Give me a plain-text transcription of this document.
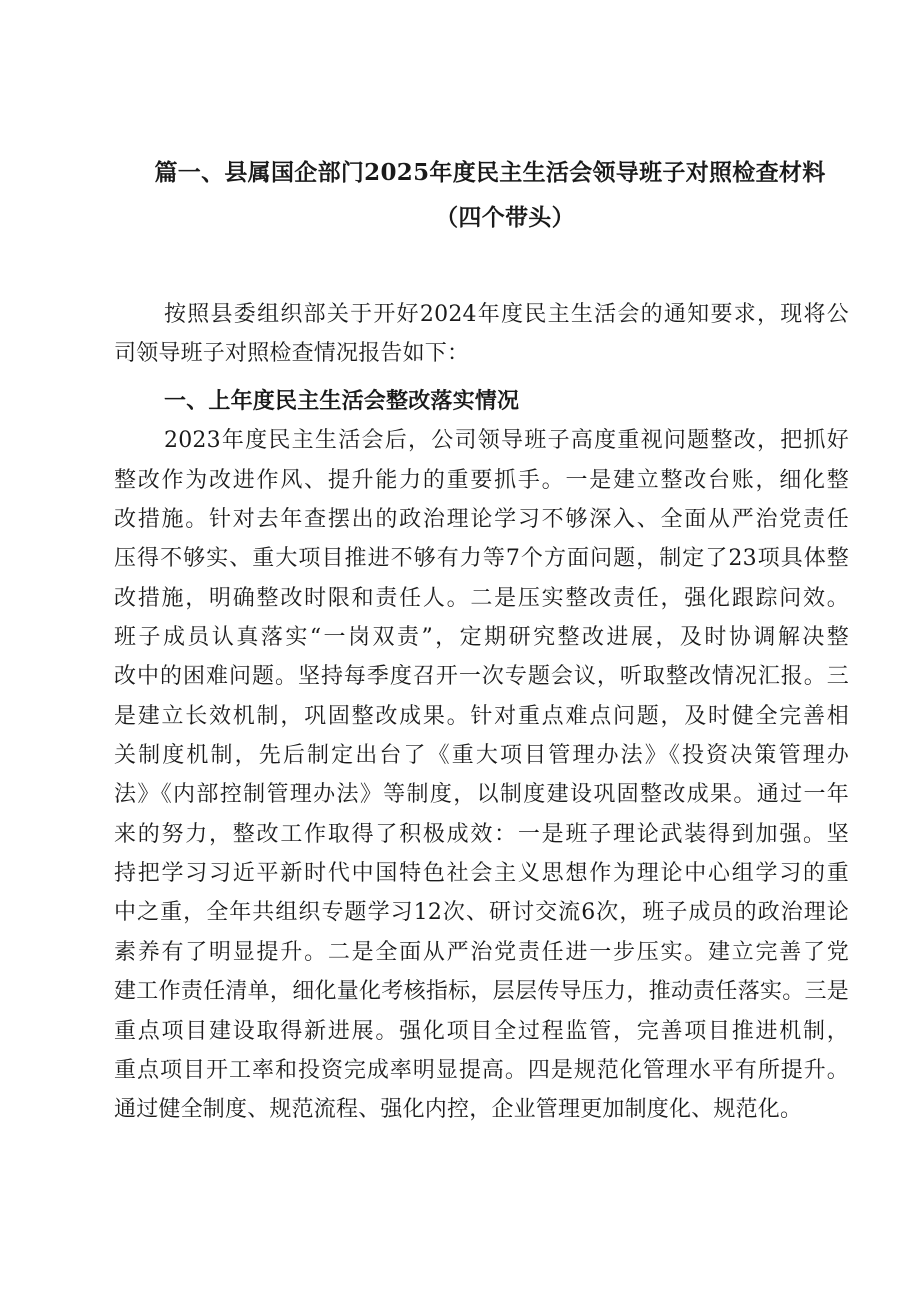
篇一、县属国企部门2025年度民主生活会领导班子对照检查材料
（四个带头）
按照县委组织部关于开好2024年度民主生活会的通知要求，现将公
司领导班子对照检查情况报告如下：
一、上年度民主生活会整改落实情况
2023年度民主生活会后，公司领导班子高度重视问题整改，把抓好
整改作为改进作风、提升能力的重要抓手。一是建立整改台账，细化整
改措施。针对去年查摆出的政治理论学习不够深入、全面从严治党责任
压得不够实、重大项目推进不够有力等7个方面问题，制定了23项具体整
改措施，明确整改时限和责任人。二是压实整改责任，强化跟踪问效。
班子成员认真落实“一岗双责”，定期研究整改进展，及时协调解决整
改中的困难问题。坚持每季度召开一次专题会议，听取整改情况汇报。三
是建立长效机制，巩固整改成果。针对重点难点问题，及时健全完善相
关制度机制，先后制定出台了《重大项目管理办法》《投资决策管理办
法》《内部控制管理办法》等制度，以制度建设巩固整改成果。通过一年
来的努力，整改工作取得了积极成效：一是班子理论武装得到加强。坚
持把学习习近平新时代中国特色社会主义思想作为理论中心组学习的重
中之重，全年共组织专题学习12次、研讨交流6次，班子成员的政治理论
素养有了明显提升。二是全面从严治党责任进一步压实。建立完善了党
建工作责任清单，细化量化考核指标，层层传导压力，推动责任落实。三是
重点项目建设取得新进展。强化项目全过程监管，完善项目推进机制，
重点项目开工率和投资完成率明显提高。四是规范化管理水平有所提升。
通过健全制度、规范流程、强化内控，企业管理更加制度化、规范化。
